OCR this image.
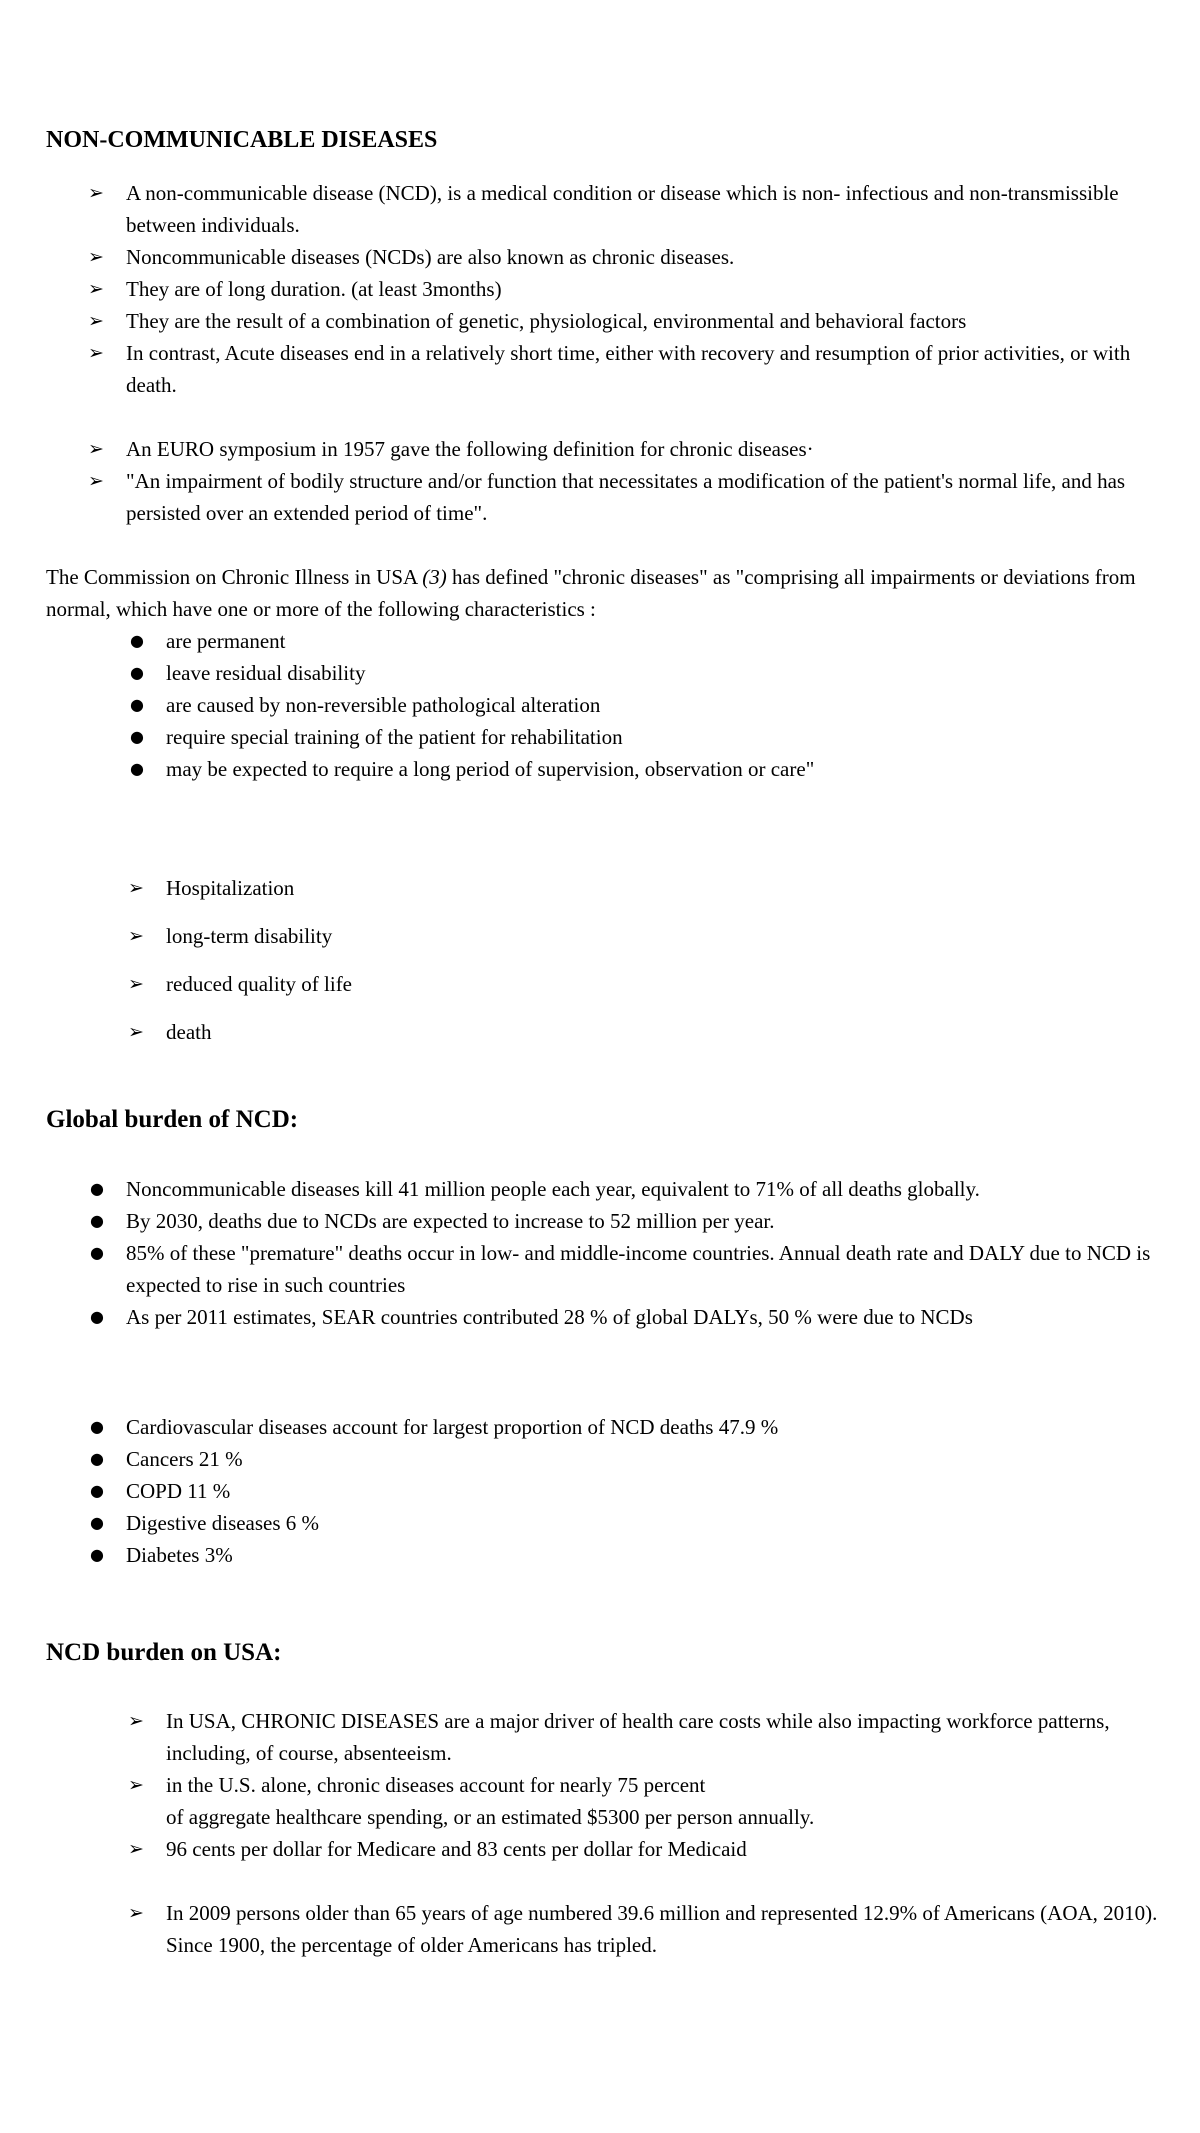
NON-COMMUNICABLE DISEASES
➢ A non-communicable disease (NCD), is a medical condition or disease which is non- infectious and non-transmissible between individuals.
➢ Noncommunicable diseases (NCDs) are also known as chronic diseases.
➢ They are of long duration. (at least 3months)
➢ They are the result of a combination of genetic, physiological, environmental and behavioral factors
➢ In contrast, Acute diseases end in a relatively short time, either with recovery and resumption of prior activities, or with death.
➢ An EURO symposium in 1957 gave the following definition for chronic diseases·
➢ "An impairment of bodily structure and/or function that necessitates a modification of the patient's normal life, and has persisted over an extended period of time".

The Commission on Chronic Illness in USA (3) has defined "chronic diseases" as "comprising all impairments or deviations from normal, which have one or more of the following characteristics :

● are permanent
● leave residual disability
● are caused by non-reversible pathological alteration
● require special training of the patient for rehabilitation
● may be expected to require a long period of supervision, observation or care"
➢ Hospitalization
➢ long-term disability
➢ reduced quality of life
➢ death
Global burden of NCD:
● Noncommunicable diseases kill 41 million people each year, equivalent to 71% of all deaths globally.
● By 2030, deaths due to NCDs are expected to increase to 52 million per year.
● 85% of these "premature" deaths occur in low- and middle-income countries. Annual death rate and DALY due to NCD is expected to rise in such countries
● As per 2011 estimates, SEAR countries contributed 28 % of global DALYs, 50 % were due to NCDs
● Cardiovascular diseases account for largest proportion of NCD deaths 47.9 %
● Cancers 21 %
● COPD 11 %
● Digestive diseases 6 %
● Diabetes 3%
NCD burden on USA:
➢ In USA, CHRONIC DISEASES are a major driver of health care costs while also impacting workforce patterns, including, of course, absenteeism.
➢ in the U.S. alone, chronic diseases account for nearly 75 percent
of aggregate healthcare spending, or an estimated $5300 per person annually.
➢ 96 cents per dollar for Medicare and 83 cents per dollar for Medicaid
➢ In 2009 persons older than 65 years of age numbered 39.6 million and represented 12.9% of Americans (AOA, 2010). Since 1900, the percentage of older Americans has tripled.
